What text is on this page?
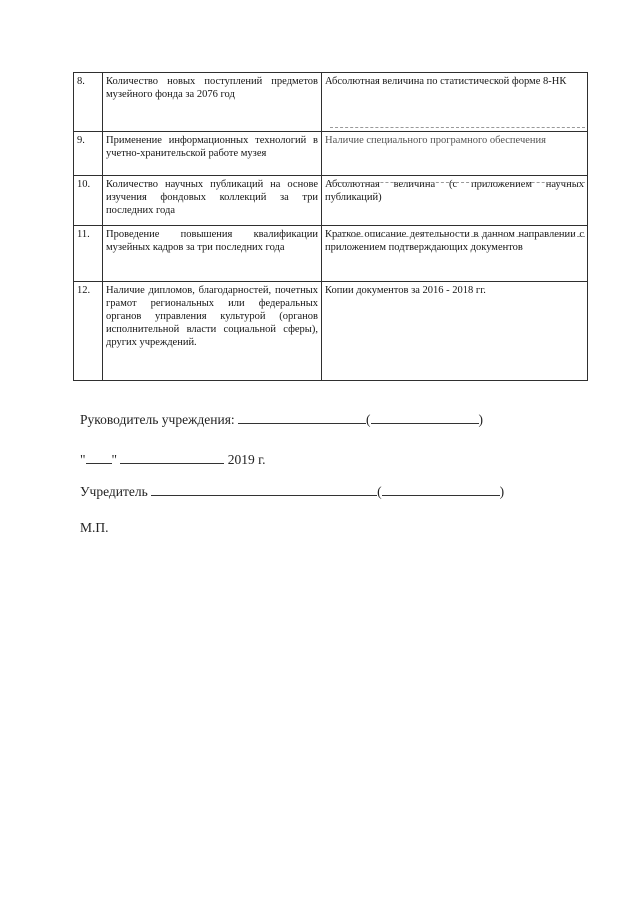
8.	Количество новых поступлений предметов музейного фонда за 2076 год	Абсолютная величина по статистической форме 8-НК
9.	Применение информационных технологий в учетно-хранительской работе музея	Наличие специального програмного обеспечения
10.	Количество научных публикаций на основе изучения фондовых коллекций за три последних года	Абсолютная величина (с приложением научных публикаций)
11.	Проведение повышения квалификации музейных кадров за три последних года	Краткое описание деятельности в данном направлении с приложением подтверждающих документов
12.	Наличие дипломов, благодарностей, почетных грамот региональных или федеральных органов управления культурой (органов исполнительной власти социальной сферы), других учреждений.	Копии документов за 2016 - 2018 гг.
Руководитель учреждения:	(	)
" "	2019 г.
Учредитель	(	)
М.П.
